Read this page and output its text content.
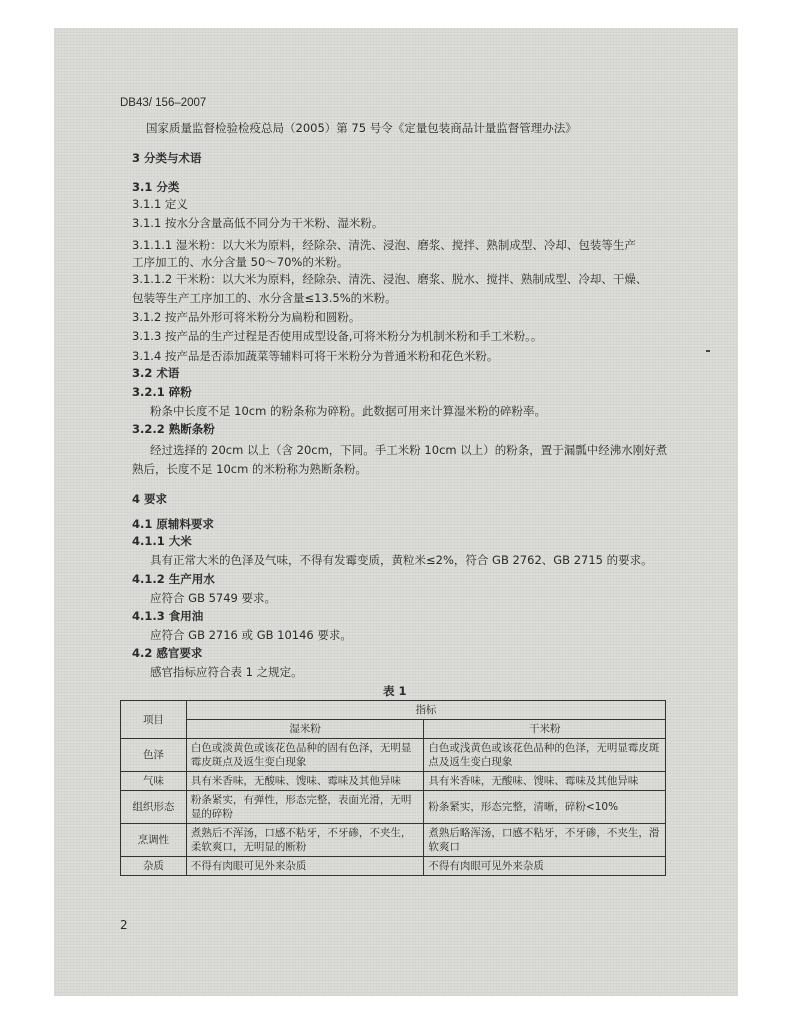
DB43/ 156–2007
国家质量监督检验检疫总局（2005）第 75 号令《定量包装商品计量监督管理办法》
3 分类与术语
3.1 分类
3.1.1 定义
3.1.1 按水分含量高低不同分为干米粉、湿米粉。
3.1.1.1 湿米粉：以大米为原料，经除杂、清洗、浸泡、磨浆、搅拌、熟制成型、冷却、包装等生产
工序加工的、水分含量 50～70%的米粉。
3.1.1.2 干米粉：以大米为原料，经除杂、清洗、浸泡、磨浆、脱水、搅拌、熟制成型、冷却、干燥、
包装等生产工序加工的、水分含量≤13.5%的米粉。
3.1.2 按产品外形可将米粉分为扁粉和圆粉。
3.1.3 按产品的生产过程是否使用成型设备,可将米粉分为机制米粉和手工米粉。。
3.1.4 按产品是否添加蔬菜等辅料可将干米粉分为普通米粉和花色米粉。
3.2 术语
3.2.1 碎粉
粉条中长度不足 10cm 的粉条称为碎粉。此数据可用来计算湿米粉的碎粉率。
3.2.2 熟断条粉
经过选择的 20cm 以上（含 20cm，下同。手工米粉 10cm 以上）的粉条，置于漏瓢中经沸水刚好煮
熟后，长度不足 10cm 的米粉称为熟断条粉。
4 要求
4.1 原辅料要求
4.1.1 大米
具有正常大米的色泽及气味，不得有发霉变质，黄粒米≤2%，符合 GB 2762、GB 2715 的要求。
4.1.2 生产用水
应符合 GB 5749 要求。
4.1.3 食用油
应符合 GB 2716 或 GB 10146 要求。
4.2 感官要求
感官指标应符合表 1 之规定。
表 1
项目	指标	
	湿米粉	干米粉
色泽	白色或淡黄色或该花色品种的固有色泽，无明显霉皮斑点及返生变白现象	白色或浅黄色或该花色品种的色泽，无明显霉皮斑点及返生变白现象
气味	具有米香味，无酸味、馊味、霉味及其他异味	具有米香味，无酸味、馊味、霉味及其他异味
组织形态	粉条紧实，有弹性，形态完整，表面光滑，无明显的碎粉	粉条紧实，形态完整，清晰，碎粉<10%
烹调性	煮熟后不浑汤，口感不粘牙，不牙碜，不夹生，柔软爽口，无明显的断粉	煮熟后略浑汤，口感不粘牙，不牙碜，不夹生，滑软爽口
杂质	不得有肉眼可见外来杂质	不得有肉眼可见外来杂质
2
